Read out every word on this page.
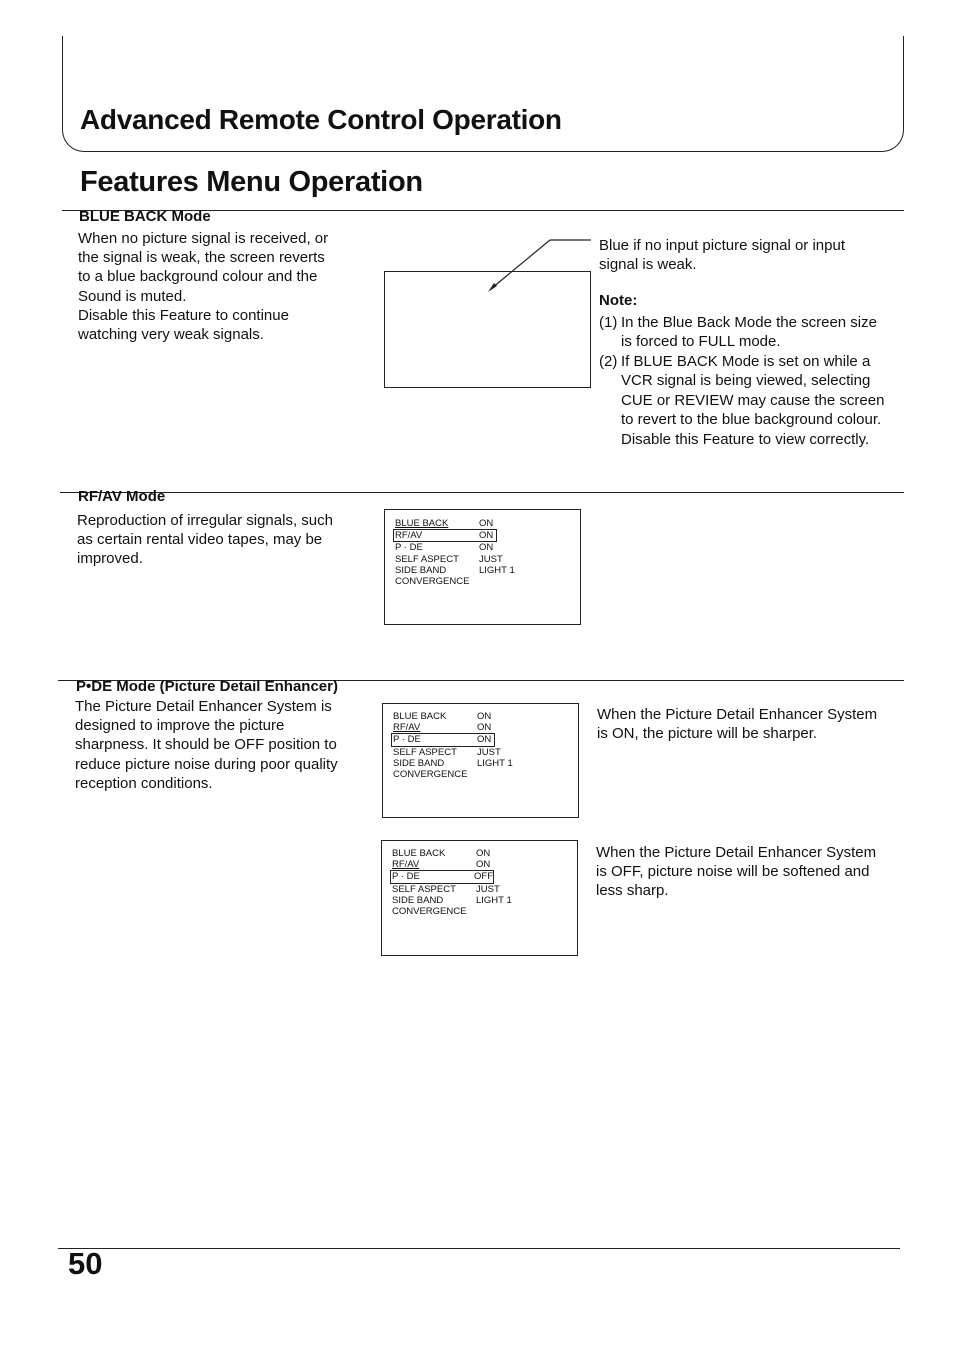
Advanced Remote Control Operation
Features Menu Operation
BLUE BACK Mode
When no picture signal is received, or
the signal is weak, the screen reverts
to a blue background colour and the
Sound is muted.
Disable this Feature to continue
watching very weak signals.
Blue if no input picture signal or input
signal is weak.
Note:
(1) In the Blue Back Mode the screen size
is forced to FULL mode.
(2) If BLUE BACK Mode is set on while a
VCR signal is being viewed, selecting
CUE or REVIEW may cause the screen
to revert to the blue background colour.
Disable this Feature to view correctly.
RF/AV Mode
Reproduction of irregular signals, such
as certain rental video tapes, may be
improved.
BLUE BACK	ON
RF/AV	ON
P · DE	ON
SELF ASPECT	JUST
SIDE BAND	LIGHT 1
CONVERGENCE
P•DE Mode (Picture Detail Enhancer)
The Picture Detail Enhancer System is
designed to improve the picture
sharpness. It should be OFF position to
reduce picture noise during poor quality
reception conditions.
BLUE BACK	ON
RF/AV	ON
P · DE	ON
SELF ASPECT	JUST
SIDE BAND	LIGHT 1
CONVERGENCE
When the Picture Detail Enhancer System
is ON, the picture will be sharper.
BLUE BACK	ON
RF/AV	ON
P · DE	OFF
SELF ASPECT	JUST
SIDE BAND	LIGHT 1
CONVERGENCE
When the Picture Detail Enhancer System
is OFF, picture noise will be softened and
less sharp.
50
